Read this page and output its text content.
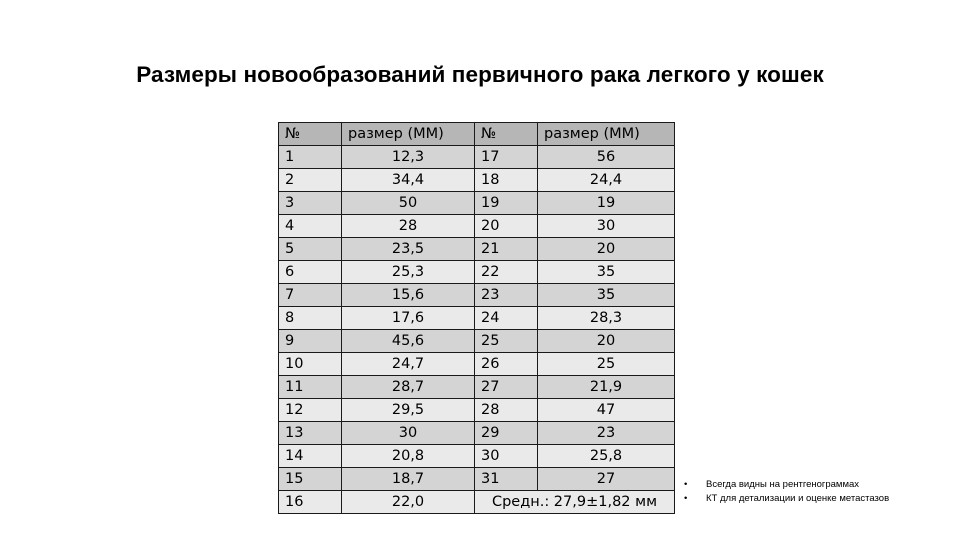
Размеры новообразований первичного рака легкого у кошек
№	размер (ММ)	№	размер (ММ)
1	12,3	17	56
2	34,4	18	24,4
3	50	19	19
4	28	20	30
5	23,5	21	20
6	25,3	22	35
7	15,6	23	35
8	17,6	24	28,3
9	45,6	25	20
10	24,7	26	25
11	28,7	27	21,9
12	29,5	28	47
13	30	29	23
14	20,8	30	25,8
15	18,7	31	27
16	22,0	Средн.: 27,9±1,82 мм	
• Всегда видны на рентгенограммах
• КТ для детализации и оценке метастазов
